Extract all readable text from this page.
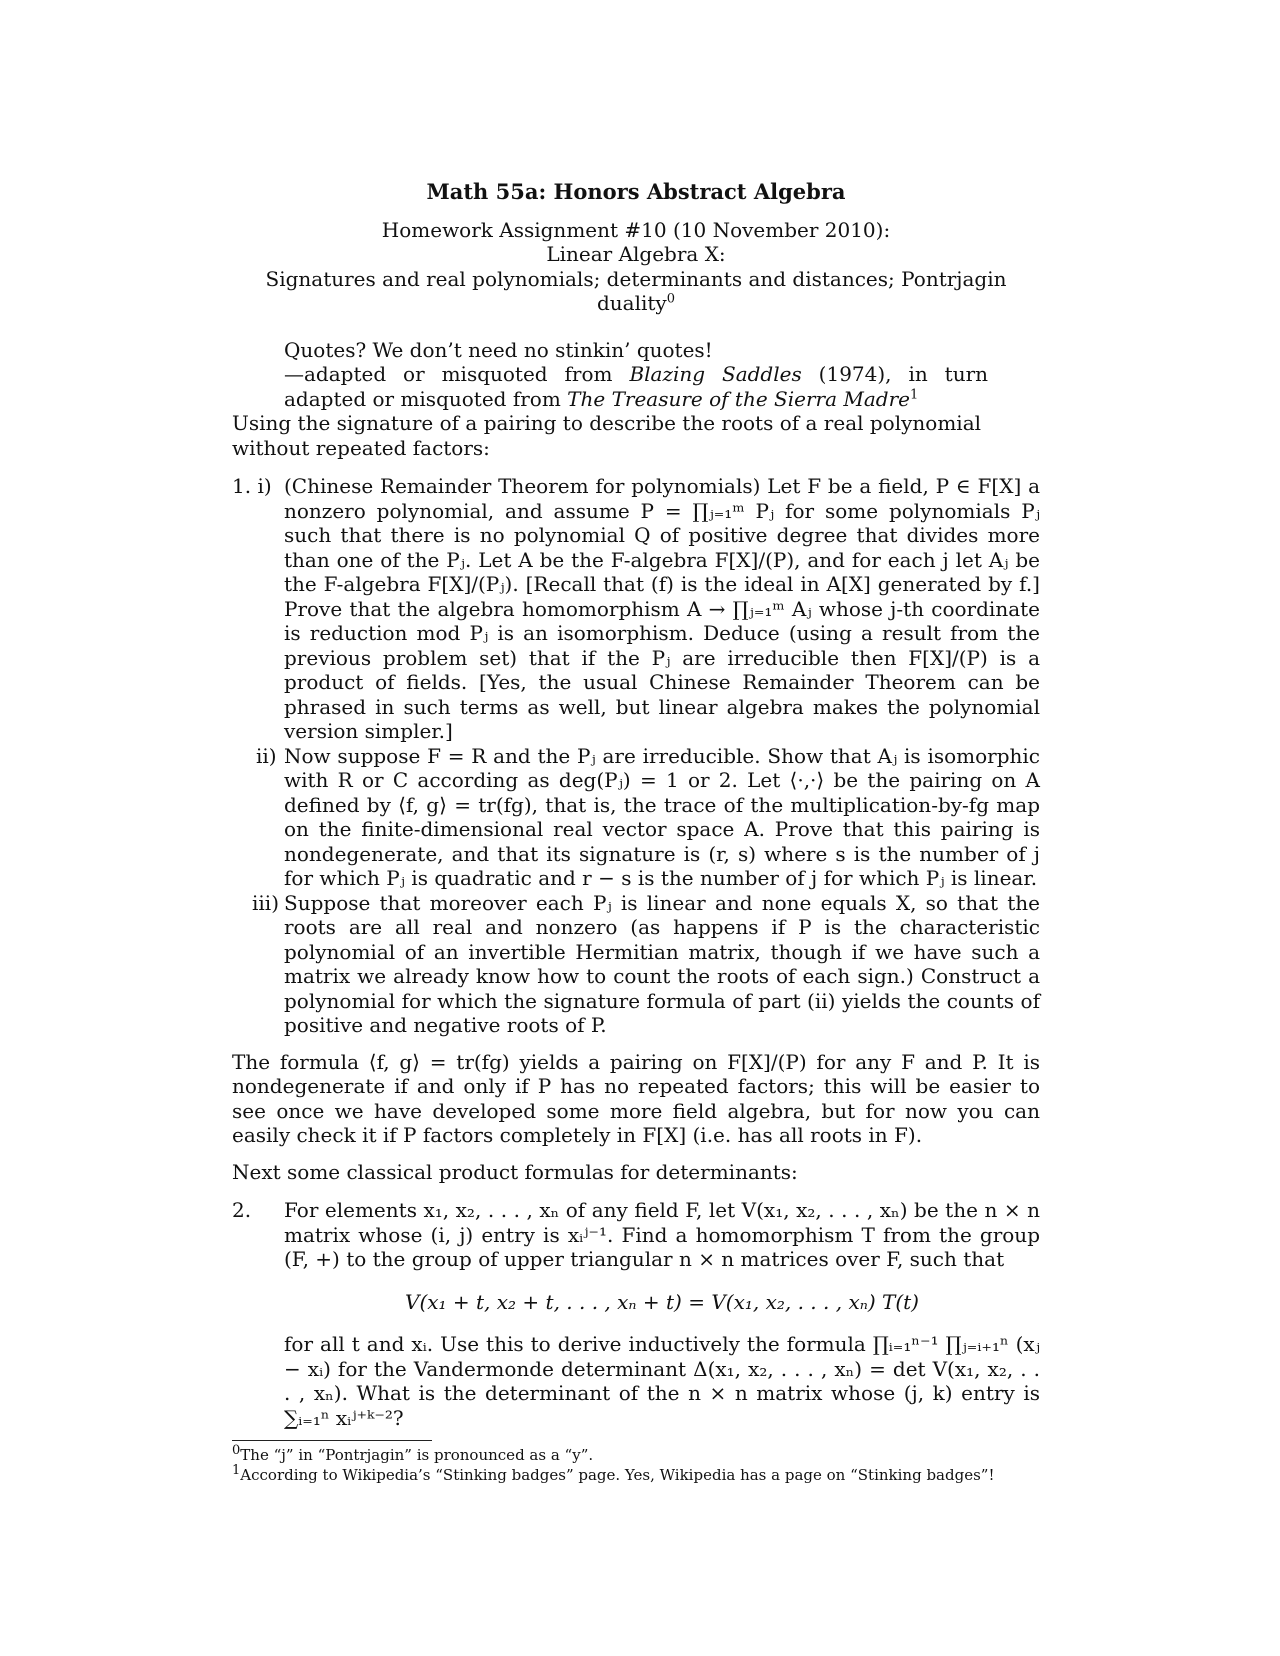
Math 55a: Honors Abstract Algebra

Homework Assignment #10 (10 November 2010):

Linear Algebra X:

Signatures and real polynomials; determinants and distances; Pontrjagin duality$^0$

Quotes? We don’t need no stinkin’ quotes!
—adapted or misquoted from Blazing Saddles (1974), in turn adapted or misquoted from The Treasure of the Sierra Madre$^1$

Using the signature of a pairing to describe the roots of a real polynomial without repeated factors:

1. i) (Chinese Remainder Theorem for polynomials) Let F be a field, P ∈ F[X] a nonzero polynomial, and assume P = ∏ⱼ₌₁ᵐ Pⱼ for some polynomials Pⱼ such that there is no polynomial Q of positive degree that divides more than one of the Pⱼ. Let A be the F-algebra F[X]/(P), and for each j let Aⱼ be the F-algebra F[X]/(Pⱼ). [Recall that (f) is the ideal in A[X] generated by f.] Prove that the algebra homomorphism A → ∏ⱼ₌₁ᵐ Aⱼ whose j-th coordinate is reduction mod Pⱼ is an isomorphism. Deduce (using a result from the previous problem set) that if the Pⱼ are irreducible then F[X]/(P) is a product of fields. [Yes, the usual Chinese Remainder Theorem can be phrased in such terms as well, but linear algebra makes the polynomial version simpler.]
ii) Now suppose F = R and the Pⱼ are irreducible. Show that Aⱼ is isomorphic with R or C according as deg(Pⱼ) = 1 or 2. Let ⟨·,·⟩ be the pairing on A defined by ⟨f, g⟩ = tr(fg), that is, the trace of the multiplication-by-fg map on the finite-dimensional real vector space A. Prove that this pairing is nondegenerate, and that its signature is (r, s) where s is the number of j for which Pⱼ is quadratic and r − s is the number of j for which Pⱼ is linear.
iii) Suppose that moreover each Pⱼ is linear and none equals X, so that the roots are all real and nonzero (as happens if P is the characteristic polynomial of an invertible Hermitian matrix, though if we have such a matrix we already know how to count the roots of each sign.) Construct a polynomial for which the signature formula of part (ii) yields the counts of positive and negative roots of P.

The formula ⟨f, g⟩ = tr(fg) yields a pairing on F[X]/(P) for any F and P. It is nondegenerate if and only if P has no repeated factors; this will be easier to see once we have developed some more field algebra, but for now you can easily check it if P factors completely in F[X] (i.e. has all roots in F).

Next some classical product formulas for determinants:

2. For elements x₁, x₂, . . . , xₙ of any field F, let V(x₁, x₂, . . . , xₙ) be the n × n matrix whose (i, j) entry is xᵢʲ⁻¹. Find a homomorphism T from the group (F, +) to the group of upper triangular n × n matrices over F, such that
V(x₁ + t, x₂ + t, . . . , xₙ + t) = V(x₁, x₂, . . . , xₙ) T(t)
for all t and xᵢ. Use this to derive inductively the formula ∏ᵢ₌₁ⁿ⁻¹ ∏ⱼ₌ᵢ₊₁ⁿ (xⱼ − xᵢ) for the Vandermonde determinant Δ(x₁, x₂, . . . , xₙ) = det V(x₁, x₂, . . . , xₙ). What is the determinant of the n × n matrix whose (j, k) entry is ∑ᵢ₌₁ⁿ xᵢʲ⁺ᵏ⁻²?
$^0$The “j” in “Pontrjagin” is pronounced as a “y”.
$^1$According to Wikipedia’s “Stinking badges” page. Yes, Wikipedia has a page on “Stinking badges”!
